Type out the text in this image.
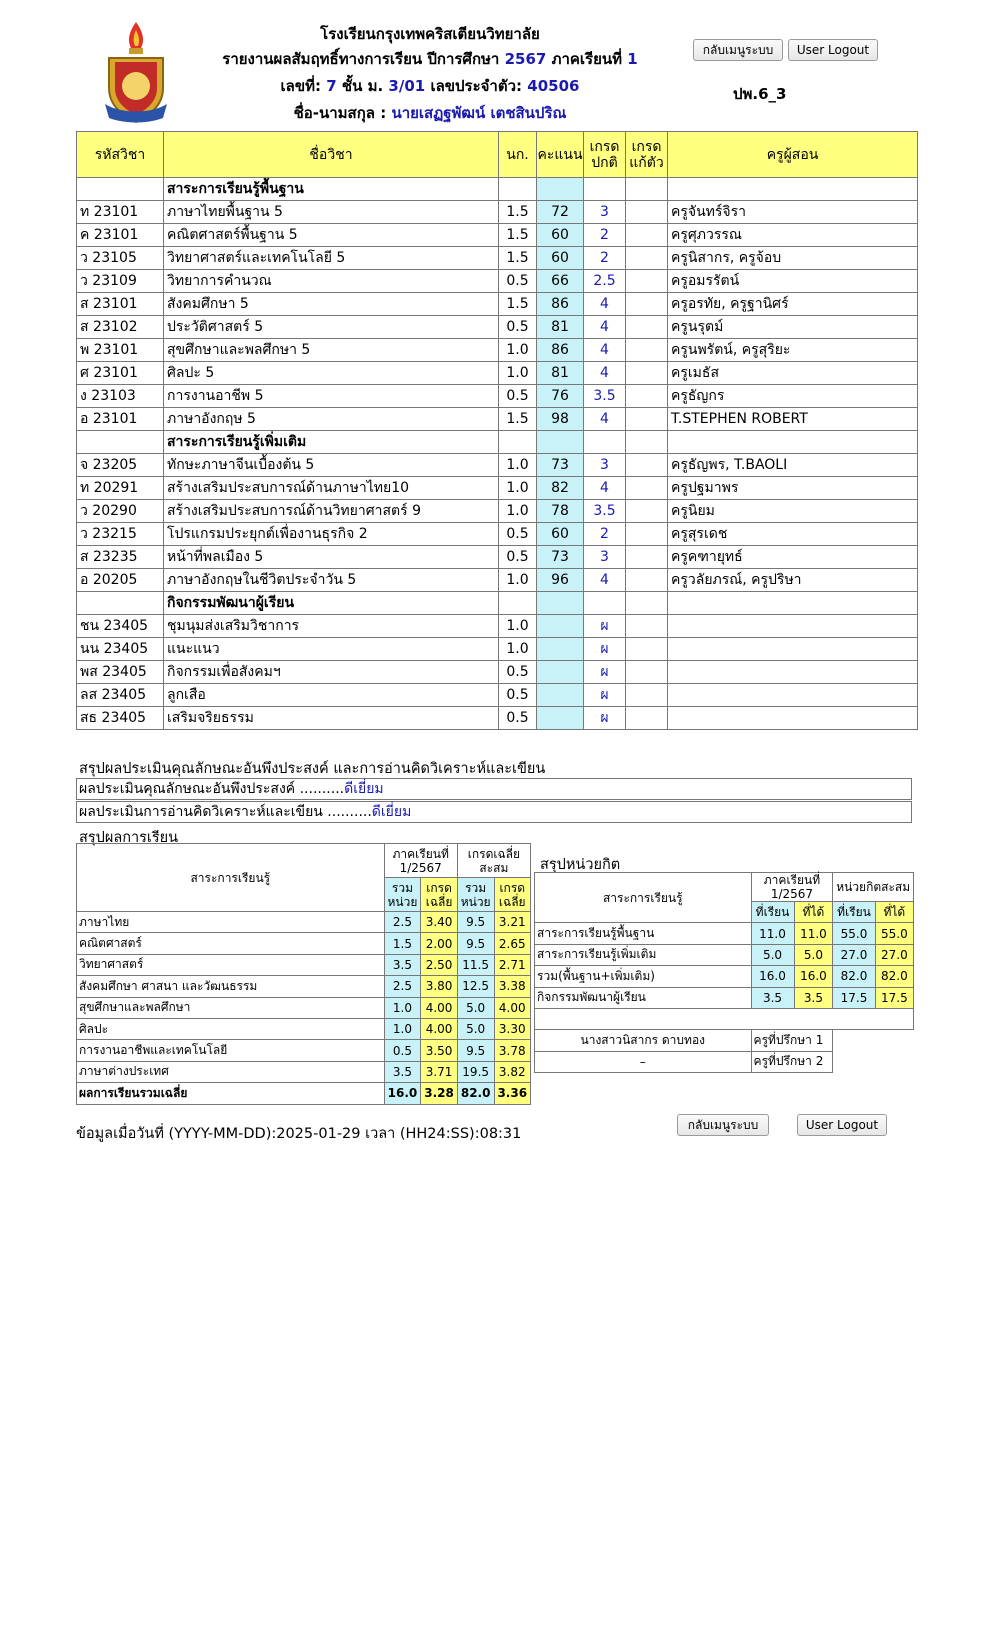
โรงเรียนกรุงเทพคริสเตียนวิทยาลัย
รายงานผลสัมฤทธิ์ทางการเรียน ปีการศึกษา 2567 ภาคเรียนที่ 1
เลขที่: 7 ชั้น ม. 3/01 เลขประจำตัว: 40506
ชื่อ-นามสกุล : นายเสฏฐพัฒน์ เตชสินปริณ
กลับเมนูระบบ	User Logout
ปพ.6_3
รหัสวิชา	ชื่อวิชา	นก.	คะแนน	เกรดปกติ	เกรดแก้ตัว	ครูผู้สอน
	สาระการเรียนรู้พื้นฐาน					
ท 23101	ภาษาไทยพื้นฐาน 5	1.5	72	3		ครูจันทร์จิรา
ค 23101	คณิตศาสตร์พื้นฐาน 5	1.5	60	2		ครูศุภวรรณ
ว 23105	วิทยาศาสตร์และเทคโนโลยี 5	1.5	60	2		ครูนิสากร, ครูจ้อบ
ว 23109	วิทยาการคำนวณ	0.5	66	2.5		ครูอมรรัตน์
ส 23101	สังคมศึกษา 5	1.5	86	4		ครูอรทัย, ครูฐานิศร์
ส 23102	ประวัติศาสตร์ 5	0.5	81	4		ครูนรุตม์
พ 23101	สุขศึกษาและพลศึกษา 5	1.0	86	4		ครูนพรัตน์, ครูสุริยะ
ศ 23101	ศิลปะ 5	1.0	81	4		ครูเมธัส
ง 23103	การงานอาชีพ 5	0.5	76	3.5		ครูธัญกร
อ 23101	ภาษาอังกฤษ 5	1.5	98	4		T.STEPHEN ROBERT
	สาระการเรียนรู้เพิ่มเติม					
จ 23205	ทักษะภาษาจีนเบื้องต้น 5	1.0	73	3		ครูธัญพร, T.BAOLI
ท 20291	สร้างเสริมประสบการณ์ด้านภาษาไทย10	1.0	82	4		ครูปฐมาพร
ว 20290	สร้างเสริมประสบการณ์ด้านวิทยาศาสตร์ 9	1.0	78	3.5		ครูนิยม
ว 23215	โปรแกรมประยุกต์เพื่องานธุรกิจ 2	0.5	60	2		ครูสุรเดช
ส 23235	หน้าที่พลเมือง 5	0.5	73	3		ครูคฑายุทธ์
อ 20205	ภาษาอังกฤษในชีวิตประจำวัน 5	1.0	96	4		ครูวลัยภรณ์, ครูปริษา
	กิจกรรมพัฒนาผู้เรียน					
ชน 23405	ชุมนุมส่งเสริมวิชาการ	1.0		ผ		
นน 23405	แนะแนว	1.0		ผ		
พส 23405	กิจกรรมเพื่อสังคมฯ	0.5		ผ		
ลส 23405	ลูกเสือ	0.5		ผ		
สธ 23405	เสริมจริยธรรม	0.5		ผ		
สรุปผลประเมินคุณลักษณะอันพึงประสงค์ และการอ่านคิดวิเคราะห์และเขียน
ผลประเมินคุณลักษณะอันพึงประสงค์ ..........ดีเยี่ยม
ผลประเมินการอ่านคิดวิเคราะห์และเขียน ..........ดีเยี่ยม
สรุปผลการเรียน
สาระการเรียนรู้	ภาคเรียนที่ 1/2567		เกรดเฉลี่ยสะสม	
	รวมหน่วย	เกรดเฉลี่ย	รวมหน่วย	เกรดเฉลี่ย
ภาษาไทย	2.5	3.40	9.5	3.21
คณิตศาสตร์	1.5	2.00	9.5	2.65
วิทยาศาสตร์	3.5	2.50	11.5	2.71
สังคมศึกษา ศาสนา และวัฒนธรรม	2.5	3.80	12.5	3.38
สุขศึกษาและพลศึกษา	1.0	4.00	5.0	4.00
ศิลปะ	1.0	4.00	5.0	3.30
การงานอาชีพและเทคโนโลยี	0.5	3.50	9.5	3.78
ภาษาต่างประเทศ	3.5	3.71	19.5	3.82
ผลการเรียนรวมเฉลี่ย	16.0	3.28	82.0	3.36
สรุปหน่วยกิต
สาระการเรียนรู้	ภาคเรียนที่ 1/2567		หน่วยกิตสะสม	
	ที่เรียน	ที่ได้	ที่เรียน	ที่ได้
สาระการเรียนรู้พื้นฐาน	11.0	11.0	55.0	55.0
สาระการเรียนรู้เพิ่มเติม	5.0	5.0	27.0	27.0
รวม(พื้นฐาน+เพิ่มเติม)	16.0	16.0	82.0	82.0
กิจกรรมพัฒนาผู้เรียน	3.5	3.5	17.5	17.5

นางสาวนิสากร ดาบทอง	ครูที่ปรึกษา 1			
–	ครูที่ปรึกษา 2			
กลับเมนูระบบ	User Logout
ข้อมูลเมื่อวันที่ (YYYY-MM-DD):2025-01-29 เวลา (HH24:SS):08:31
